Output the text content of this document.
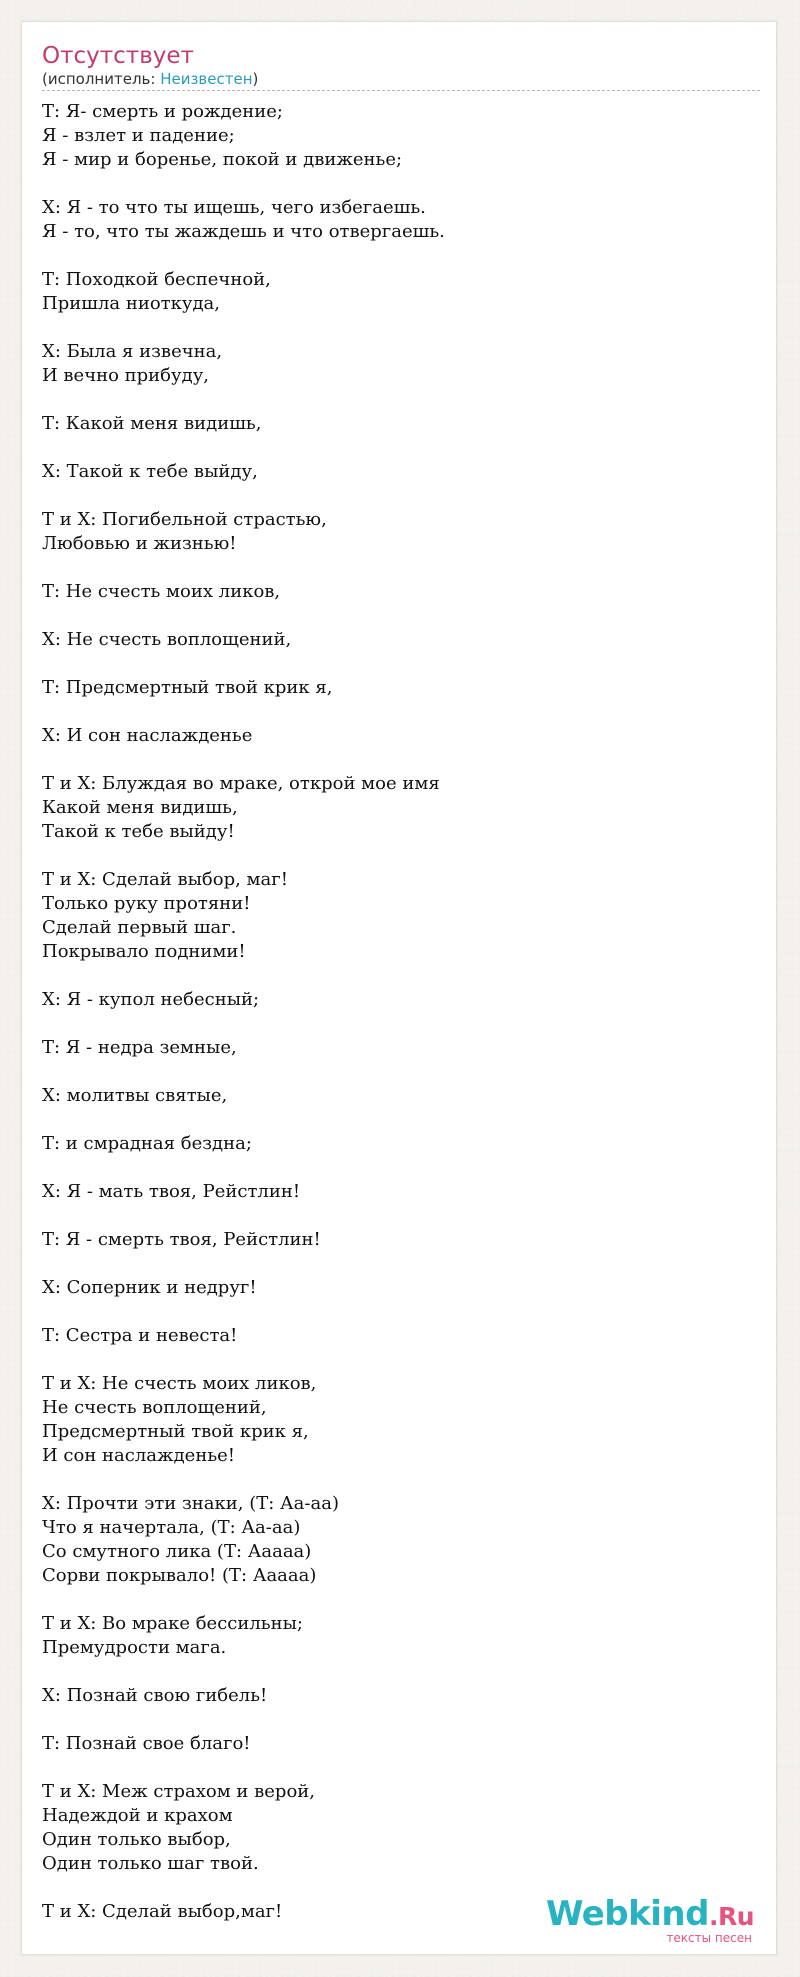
Отсутствует
(исполнитель: Неизвестен)
Т: Я- смерть и рождение;
Я - взлет и падение;
Я - мир и боренье, покой и движенье;
Х: Я - то что ты ищешь, чего избегаешь.
Я - то, что ты жаждешь и что отвергаешь.
Т: Походкой беспечной,
Пришла ниоткуда,
Х: Была я извечна,
И вечно прибуду,
Т: Какой меня видишь,
Х: Такой к тебе выйду,
Т и Х: Погибельной страстью,
Любовью и жизнью!
Т: Не счесть моих ликов,
Х: Не счесть воплощений,
Т: Предсмертный твой крик я,
Х: И сон наслажденье
Т и Х: Блуждая во мраке, открой мое имя
Какой меня видишь,
Такой к тебе выйду!
Т и Х: Сделай выбор, маг!
Только руку протяни!
Сделай первый шаг.
Покрывало подними!
Х: Я - купол небесный;
Т: Я - недра земные,
Х: молитвы святые,
Т: и смрадная бездна;
Х: Я - мать твоя, Рейстлин!
Т: Я - смерть твоя, Рейстлин!
Х: Соперник и недруг!
Т: Сестра и невеста!
Т и Х: Не счесть моих ликов,
Не счесть воплощений,
Предсмертный твой крик я,
И сон наслажденье!
Х: Прочти эти знаки, (Т: Аа-аа)
Что я начертала, (Т: Аа-аа)
Со смутного лика (Т: Ааааа)
Сорви покрывало! (Т: Ааааа)
Т и Х: Во мраке бессильны;
Премудрости мага.
Х: Познай свою гибель!
Т: Познай свое благо!
Т и Х: Меж страхом и верой,
Надеждой и крахом
Один только выбор,
Один только шаг твой.
Т и Х: Сделай выбор,маг!	Webkind.Ru
тексты песен
